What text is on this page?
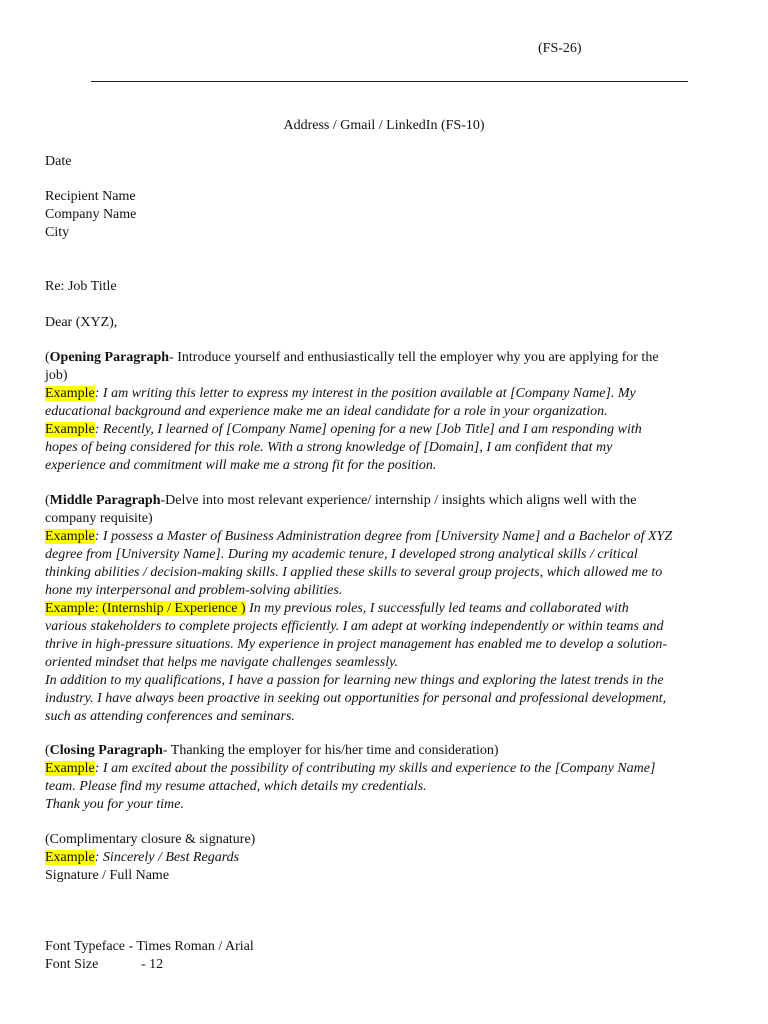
(FS-26)
Address / Gmail / LinkedIn (FS-10)
Date
Recipient Name
Company Name
City
Re: Job Title
Dear (XYZ),
(Opening Paragraph- Introduce yourself and enthusiastically tell the employer why you are applying for the
job)
Example: I am writing this letter to express my interest in the position available at [Company Name]. My
educational background and experience make me an ideal candidate for a role in your organization.
Example: Recently, I learned of [Company Name] opening for a new [Job Title] and I am responding with
hopes of being considered for this role. With a strong knowledge of [Domain], I am confident that my
experience and commitment will make me a strong fit for the position.
(Middle Paragraph-Delve into most relevant experience/ internship / insights which aligns well with the
company requisite)
Example: I possess a Master of Business Administration degree from [University Name] and a Bachelor of XYZ
degree from [University Name]. During my academic tenure, I developed strong analytical skills / critical
thinking abilities / decision-making skills. I applied these skills to several group projects, which allowed me to
hone my interpersonal and problem-solving abilities.
Example: (Internship / Experience ) In my previous roles, I successfully led teams and collaborated with
various stakeholders to complete projects efficiently. I am adept at working independently or within teams and
thrive in high-pressure situations. My experience in project management has enabled me to develop a solution-
oriented mindset that helps me navigate challenges seamlessly.
In addition to my qualifications, I have a passion for learning new things and exploring the latest trends in the
industry. I have always been proactive in seeking out opportunities for personal and professional development,
such as attending conferences and seminars.
(Closing Paragraph- Thanking the employer for his/her time and consideration)
Example: I am excited about the possibility of contributing my skills and experience to the [Company Name]
team. Please find my resume attached, which details my credentials.
Thank you for your time.
(Complimentary closure & signature)
Example: Sincerely / Best Regards
Signature / Full Name
Font Typeface - Times Roman / Arial
Font Size	- 12
